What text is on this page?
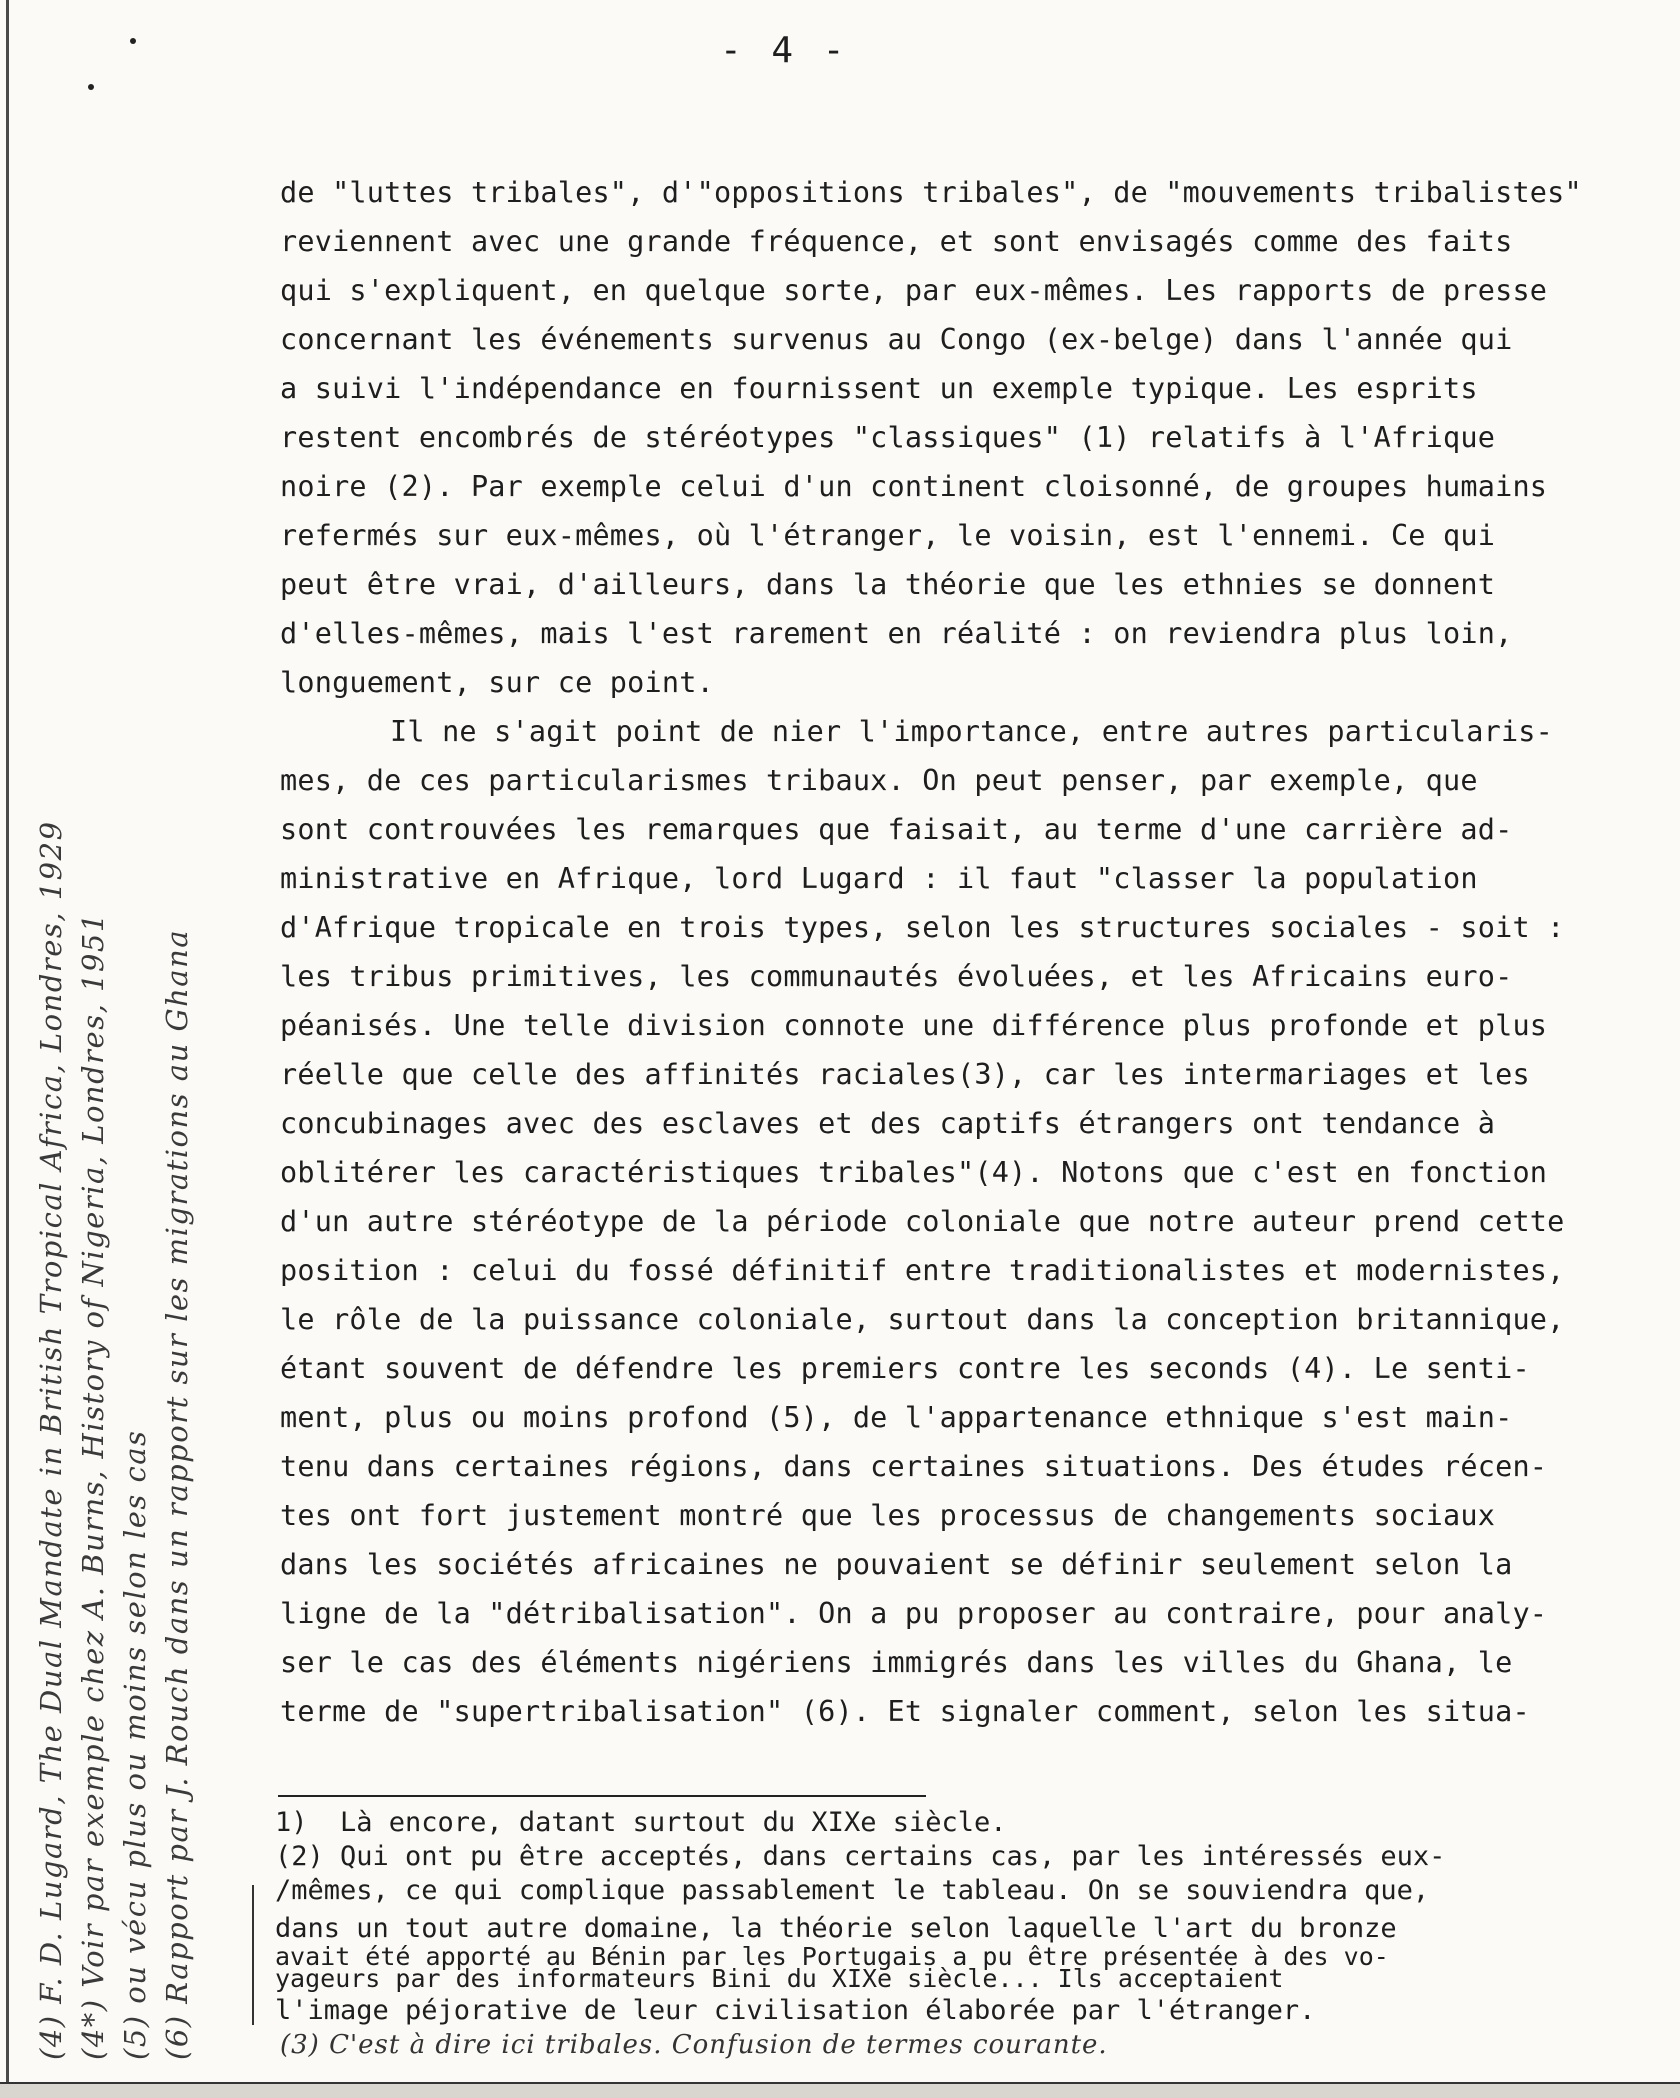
- 4 -
de "luttes tribales", d'"oppositions tribales", de "mouvements tribalistes"
reviennent avec une grande fréquence, et sont envisagés comme des faits
qui s'expliquent, en quelque sorte, par eux-mêmes. Les rapports de presse
concernant les événements survenus au Congo (ex-belge) dans l'année qui
a suivi l'indépendance en fournissent un exemple typique. Les esprits
restent encombrés de stéréotypes "classiques" (1) relatifs à l'Afrique
noire (2). Par exemple celui d'un continent cloisonné, de groupes humains
refermés sur eux-mêmes, où l'étranger, le voisin, est l'ennemi. Ce qui
peut être vrai, d'ailleurs, dans la théorie que les ethnies se donnent
d'elles-mêmes, mais l'est rarement en réalité : on reviendra plus loin,
longuement, sur ce point.
Il ne s'agit point de nier l'importance, entre autres particularis-
mes, de ces particularismes tribaux. On peut penser, par exemple, que
sont controuvées les remarques que faisait, au terme d'une carrière ad-
ministrative en Afrique, lord Lugard : il faut "classer la population
d'Afrique tropicale en trois types, selon les structures sociales - soit :
les tribus primitives, les communautés évoluées, et les Africains euro-
péanisés. Une telle division connote une différence plus profonde et plus
réelle que celle des affinités raciales(3), car les intermariages et les
concubinages avec des esclaves et des captifs étrangers ont tendance à
oblitérer les caractéristiques tribales"(4). Notons que c'est en fonction
d'un autre stéréotype de la période coloniale que notre auteur prend cette
position : celui du fossé définitif entre traditionalistes et modernistes,
le rôle de la puissance coloniale, surtout dans la conception britannique,
étant souvent de défendre les premiers contre les seconds (4). Le senti-
ment, plus ou moins profond (5), de l'appartenance ethnique s'est main-
tenu dans certaines régions, dans certaines situations. Des études récen-
tes ont fort justement montré que les processus de changements sociaux
dans les sociétés africaines ne pouvaient se définir seulement selon la
ligne de la "détribalisation". On a pu proposer au contraire, pour analy-
ser le cas des éléments nigériens immigrés dans les villes du Ghana, le
terme de "supertribalisation" (6). Et signaler comment, selon les situa-
1)  Là encore, datant surtout du XIXe siècle.
(2) Qui ont pu être acceptés, dans certains cas, par les intéressés eux-
/mêmes, ce qui complique passablement le tableau. On se souviendra que,
dans un tout autre domaine, la théorie selon laquelle l'art du bronze
avait été apporté au Bénin par les Portugais a pu être présentée à des vo-
yageurs par des informateurs Bini du XIXe siècle... Ils acceptaient
l'image péjorative de leur civilisation élaborée par l'étranger.
(3) C'est à dire ici tribales. Confusion de termes courante.
(4) F. D. Lugard, The Dual Mandate in British Tropical Africa, Londres, 1929 (4*) Voir par exemple chez A. Burns, History of Nigeria, Londres, 1951 (5) ou vécu plus ou moins selon les cas (6) Rapport par J. Rouch dans un rapport sur les migrations au Ghana
